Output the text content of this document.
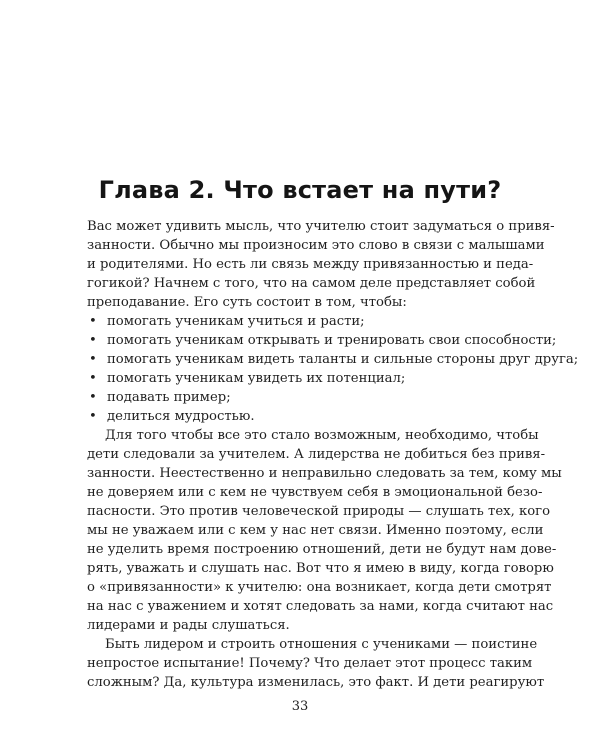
Глава 2. Что встает на пути?
Вас может удивить мысль, что учителю стоит задуматься о привя-
занности. Обычно мы произносим это слово в связи с малышами
и родителями. Но есть ли связь между привязанностью и педа-
гогикой? Начнем с того, что на самом деле представляет собой
преподавание. Его суть состоит в том, чтобы:
• помогать ученикам учиться и расти;
• помогать ученикам открывать и тренировать свои способности;
• помогать ученикам видеть таланты и сильные стороны друг друга;
• помогать ученикам увидеть их потенциал;
• подавать пример;
• делиться мудростью.
Для того чтобы все это стало возможным, необходимо, чтобы
дети следовали за учителем. А лидерства не добиться без привя-
занности. Неестественно и неправильно следовать за тем, кому мы
не доверяем или с кем не чувствуем себя в эмоциональной безо-
пасности. Это против человеческой природы — слушать тех, кого
мы не уважаем или с кем у нас нет связи. Именно поэтому, если
не уделить время построению отношений, дети не будут нам дове-
рять, уважать и слушать нас. Вот что я имею в виду, когда говорю
о «привязанности» к учителю: она возникает, когда дети смотрят
на нас с уважением и хотят следовать за нами, когда считают нас
лидерами и рады слушаться.
Быть лидером и строить отношения с учениками — поистине
непростое испытание! Почему? Что делает этот процесс таким
сложным? Да, культура изменилась, это факт. И дети реагируют
33
